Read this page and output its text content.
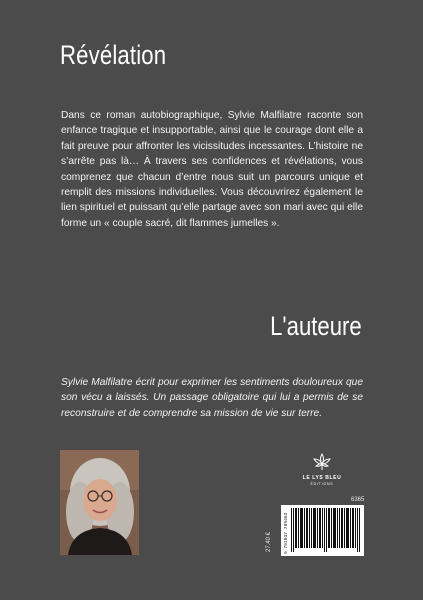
Révélation
Dans ce roman autobiographique, Sylvie Malfilatre raconte son enfance tragique et insupportable, ainsi que le courage dont elle a fait preuve pour affronter les vicissitudes incessantes. L’histoire ne s’arrête pas là… À travers ses confidences et révélations, vous comprenez que chacun d’entre nous suit un parcours unique et remplit des missions individuelles. Vous découvrirez également le lien spirituel et puissant qu’elle partage avec son mari avec qui elle forme un « couple sacré, dit flammes jumelles ».
L'auteure
Sylvie Malfilatre écrit pour exprimer les sentiments douloureux que son vécu a laissés. Un passage obligatoire qui lui a permis de se reconstruire et de comprendre sa mission de vie sur terre.
LE LYS BLEU
ÉDITIONS
6365
27.40 €	9 791037 789463
